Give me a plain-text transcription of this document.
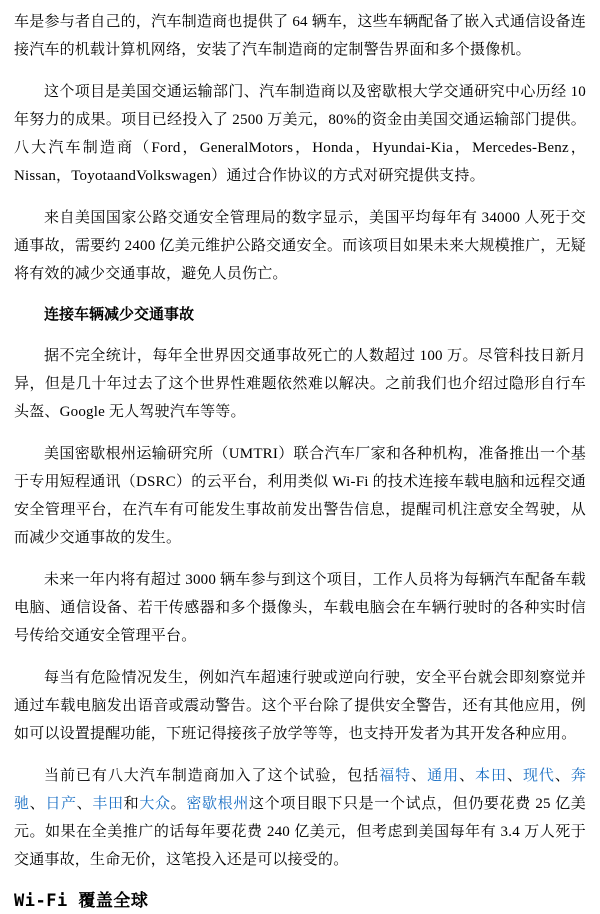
车是参与者自己的，汽车制造商也提供了 64 辆车，这些车辆配备了嵌入式通信设备连接汽车的机载计算机网络，安装了汽车制造商的定制警告界面和多个摄像机。

这个项目是美国交通运输部门、汽车制造商以及密歇根大学交通研究中心历经 10 年努力的成果。项目已经投入了 2500 万美元，80%的资金由美国交通运输部门提供。八大汽车制造商（Ford，GeneralMotors，Honda，Hyundai-Kia，Mercedes-Benz，Nissan，ToyotaandVolkswagen）通过合作协议的方式对研究提供支持。

来自美国国家公路交通安全管理局的数字显示，美国平均每年有 34000 人死于交通事故，需要约 2400 亿美元维护公路交通安全。而该项目如果未来大规模推广，无疑将有效的减少交通事故，避免人员伤亡。

连接车辆减少交通事故

据不完全统计，每年全世界因交通事故死亡的人数超过 100 万。尽管科技日新月异，但是几十年过去了这个世界性难题依然难以解决。之前我们也介绍过隐形自行车头盔、Google 无人驾驶汽车等等。

美国密歇根州运输研究所（UMTRI）联合汽车厂家和各种机构，准备推出一个基于专用短程通讯（DSRC）的云平台，利用类似 Wi-Fi 的技术连接车载电脑和远程交通安全管理平台，在汽车有可能发生事故前发出警告信息，提醒司机注意安全驾驶，从而减少交通事故的发生。

未来一年内将有超过 3000 辆车参与到这个项目，工作人员将为每辆汽车配备车载电脑、通信设备、若干传感器和多个摄像头，车载电脑会在车辆行驶时的各种实时信号传给交通安全管理平台。

每当有危险情况发生，例如汽车超速行驶或逆向行驶，安全平台就会即刻察觉并通过车载电脑发出语音或震动警告。这个平台除了提供安全警告，还有其他应用，例如可以设置提醒功能，下班记得接孩子放学等等，也支持开发者为其开发各种应用。

当前已有八大汽车制造商加入了这个试验，包括福特、通用、本田、现代、奔驰、日产、丰田和大众。密歇根州这个项目眼下只是一个试点，但仍要花费 25 亿美元。如果在全美推广的话每年要花费 240 亿美元，但考虑到美国每年有 3.4 万人死于交通事故，生命无价，这笔投入还是可以接受的。

Wi-Fi 覆盖全球
